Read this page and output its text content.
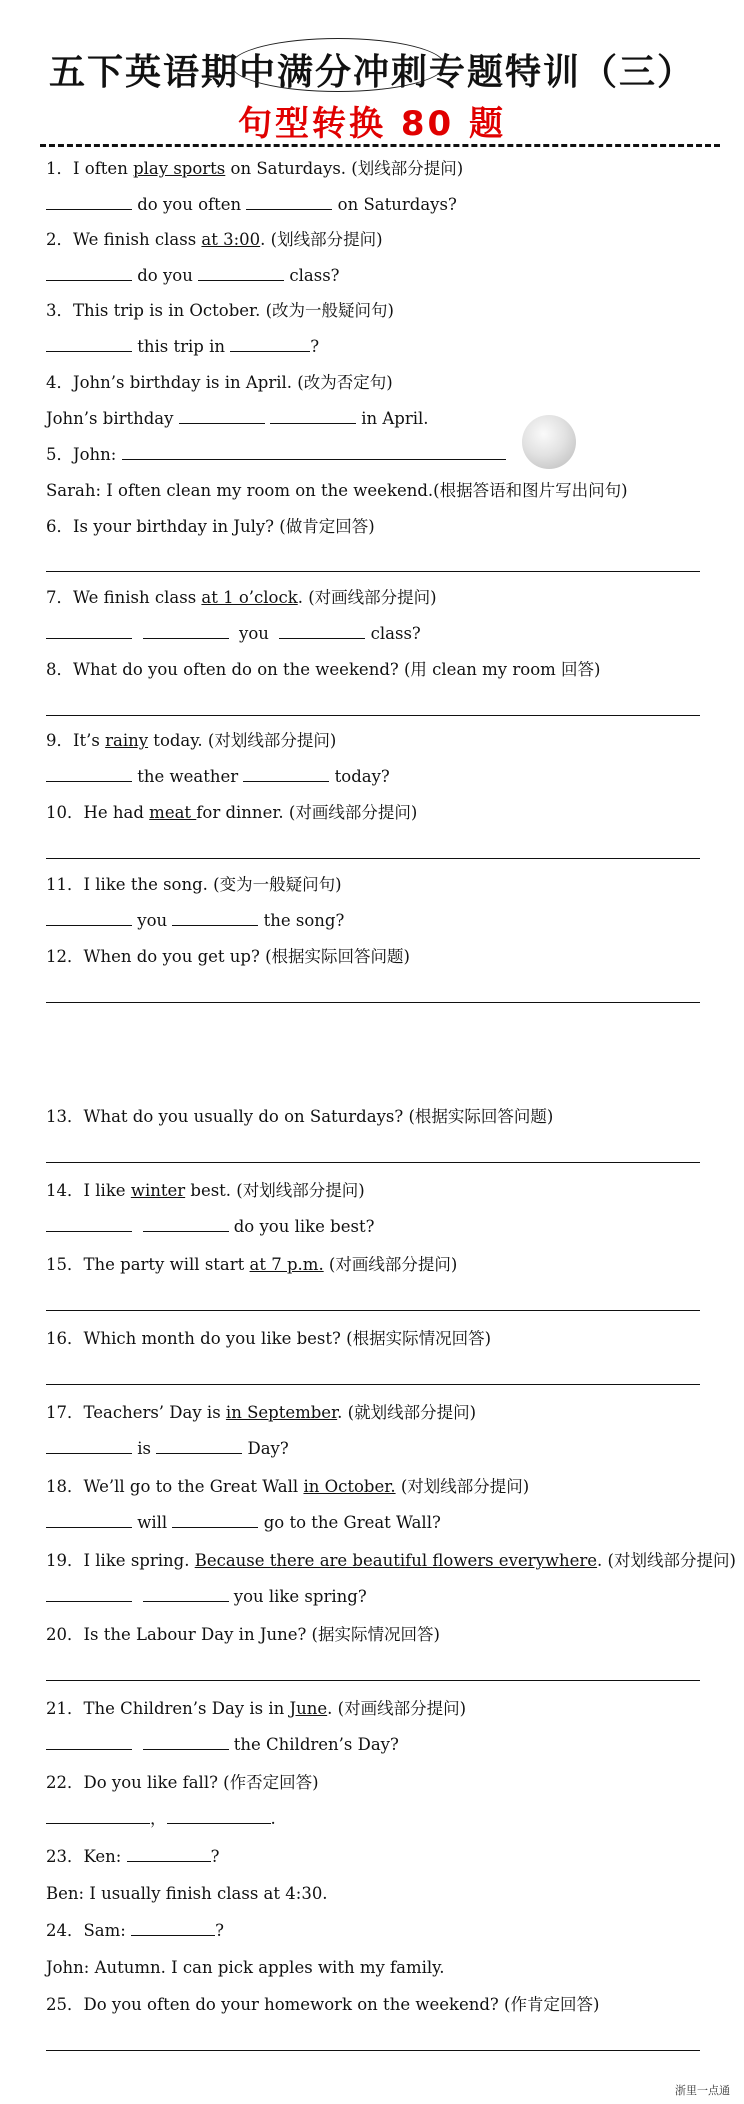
五下英语期中满分冲刺专题特训（三）
句型转换 80 题
1．I often play sports on Saturdays. (划线部分提问)
do you often	on Saturdays?
2．We finish class at 3:00. (划线部分提问)
do you	class?
3．This trip is in October. (改为一般疑问句)
this trip in	?
4．John’s birthday is in April. (改为否定句)
John’s birthday	in April.
5．John:
Sarah: I often clean my room on the weekend.(根据答语和图片写出问句)
6．Is your birthday in July? (做肯定回答)
7．We finish class at 1 o’clock. (对画线部分提问)
you	class?
8．What do you often do on the weekend? (用 clean my room 回答)
9．It’s rainy today. (对划线部分提问)
the weather	today?
10．He had meat for dinner. (对画线部分提问)
11．I like the song. (变为一般疑问句)
you	the song?
12．When do you get up? (根据实际回答问题)
13．What do you usually do on Saturdays? (根据实际回答问题)
14．I like winter best. (对划线部分提问)
do you like best?
15．The party will start at 7 p.m. (对画线部分提问)
16．Which month do you like best? (根据实际情况回答)
17．Teachers’ Day is in September. (就划线部分提问)
is	Day?
18．We’ll go to the Great Wall in October. (对划线部分提问)
will	go to the Great Wall?
19．I like spring. Because there are beautiful flowers everywhere. (对划线部分提问)
you like spring?
20．Is the Labour Day in June? (据实际情况回答)
21．The Children’s Day is in June. (对画线部分提问)
the Children’s Day?
22．Do you like fall? (作否定回答)
，	.
23．Ken:	?
Ben: I usually finish class at 4:30.
24．Sam:	?
John: Autumn. I can pick apples with my family.
25．Do you often do your homework on the weekend? (作肯定回答)
浙里一点通
